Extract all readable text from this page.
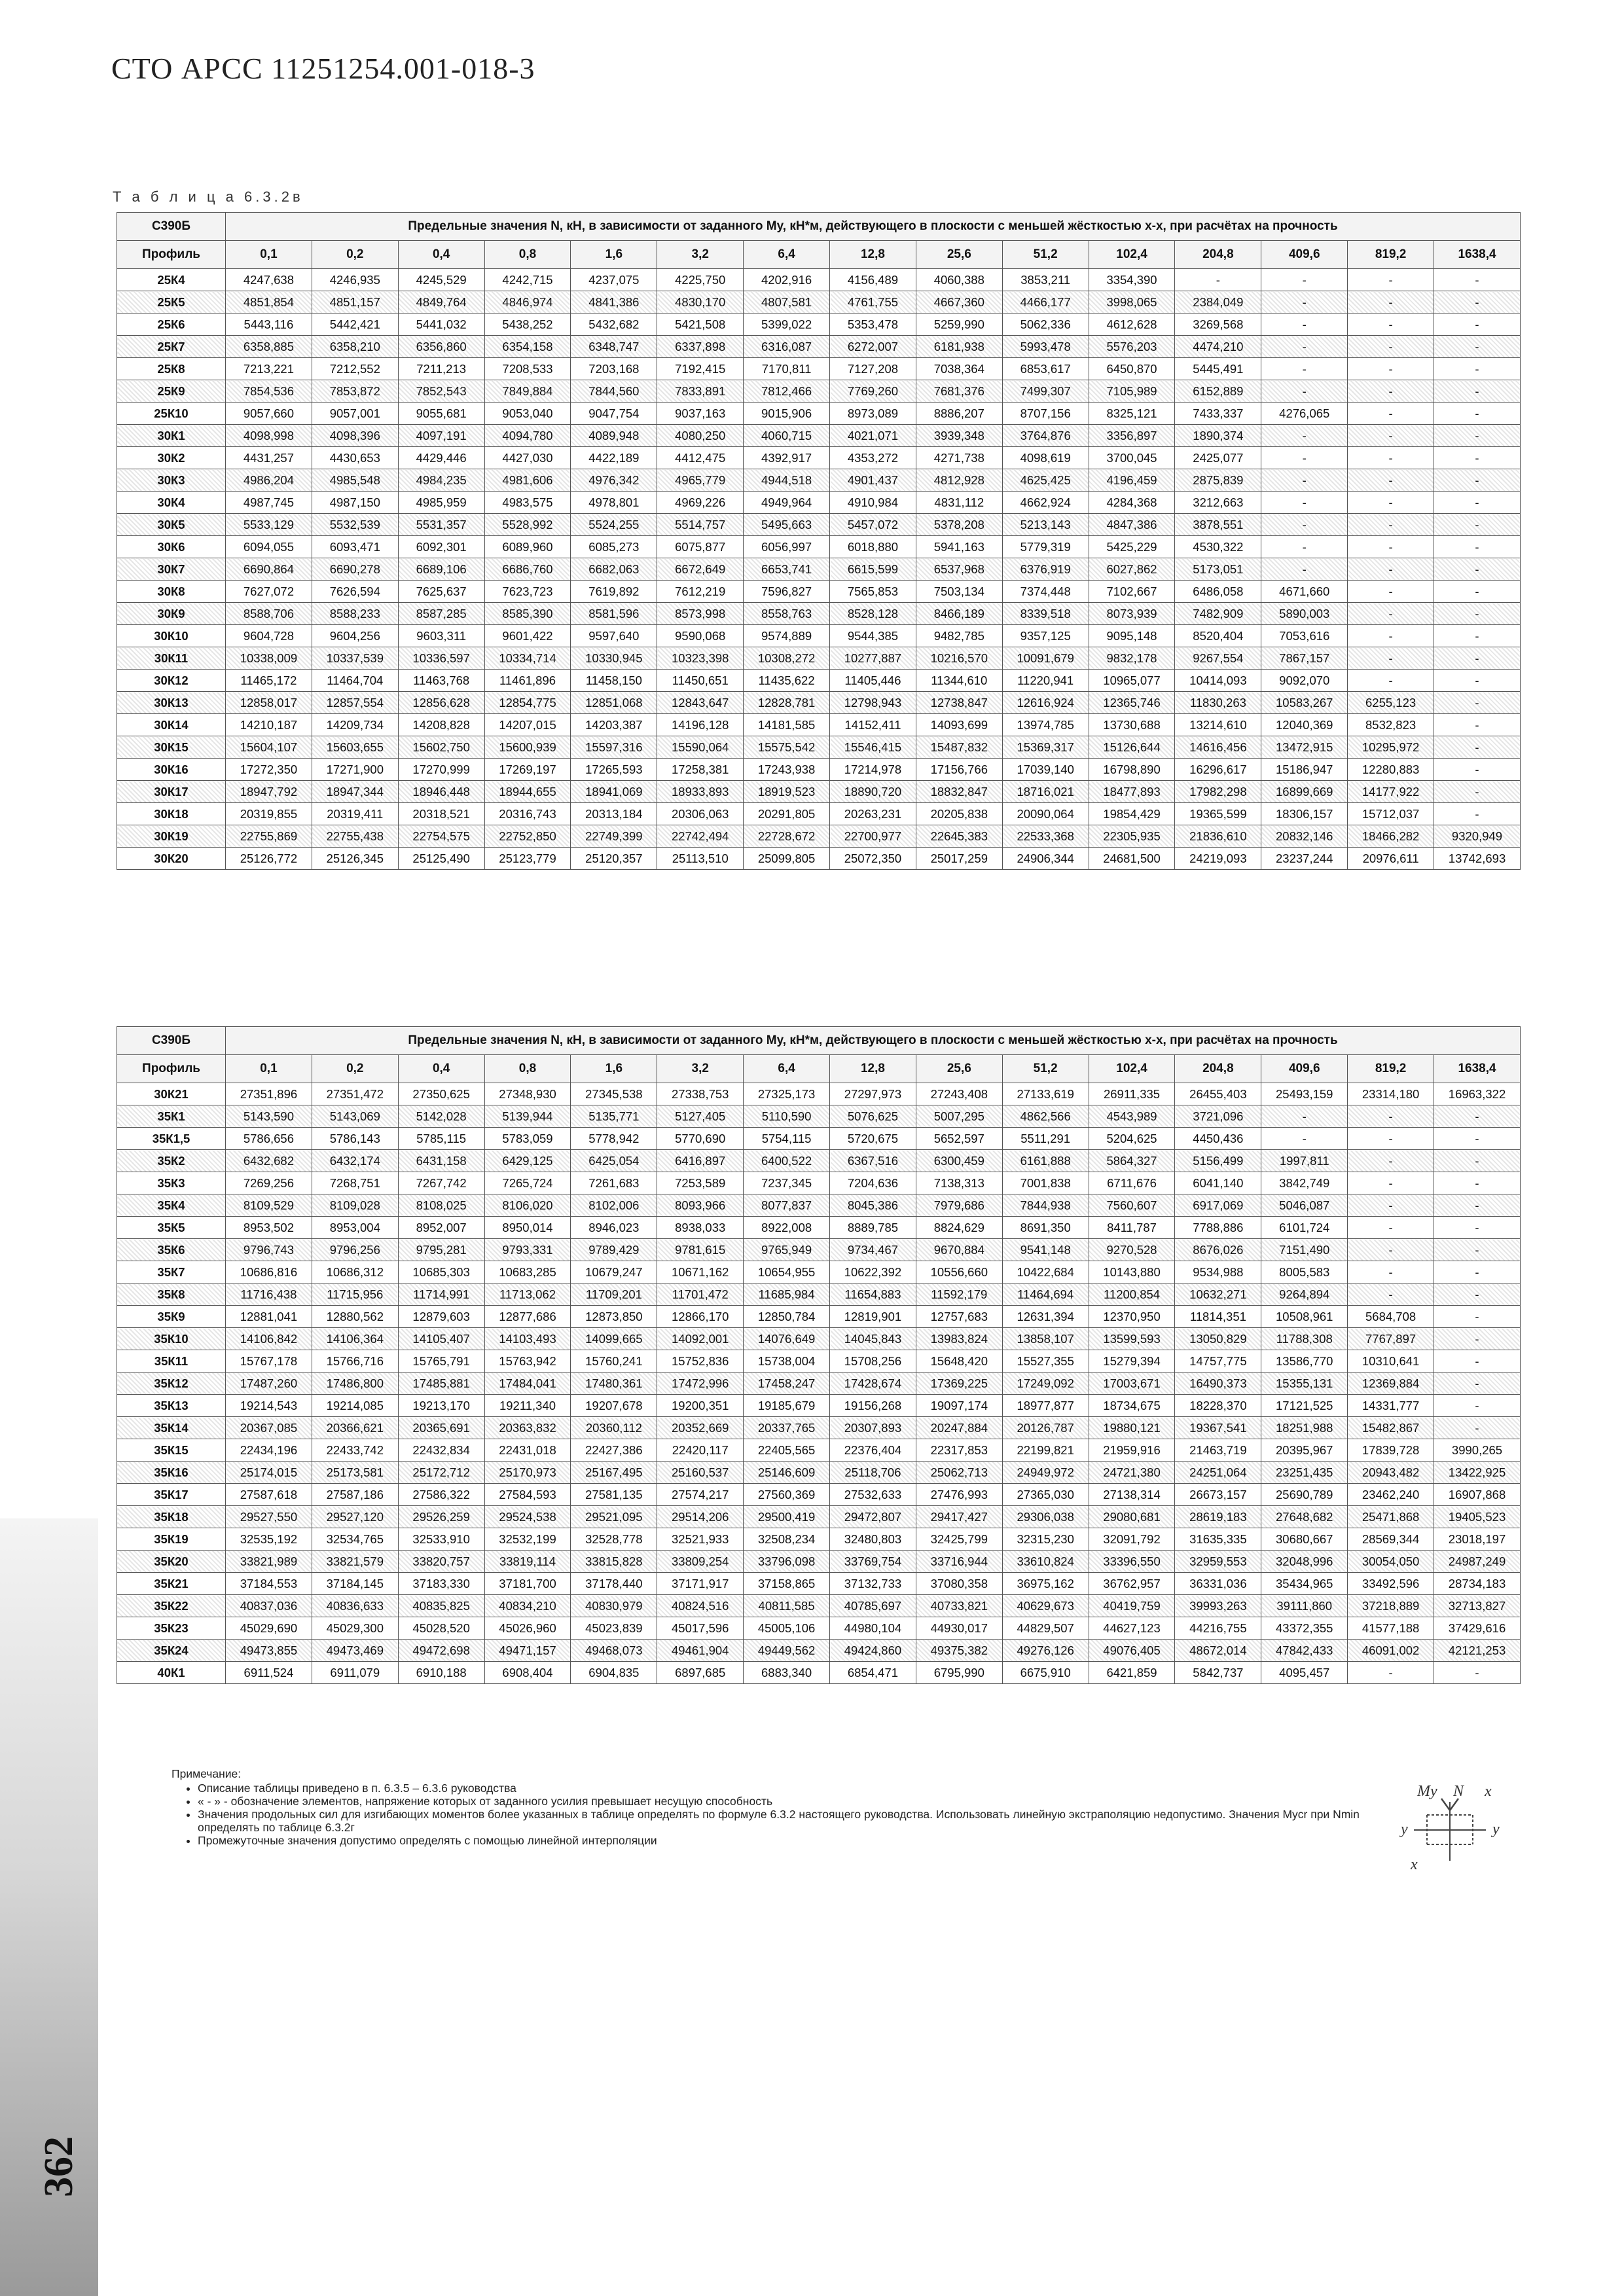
СТО АРСС 11251254.001-018-3
Т а б л и ц а 6.3.2в
С390Б	Предельные значения N, кН, в зависимости от заданного My, кН*м, действующего в плоскости с меньшей жёсткостью x-x, при расчётах на прочность														
Профиль	0,1	0,2	0,4	0,8	1,6	3,2	6,4	12,8	25,6	51,2	102,4	204,8	409,6	819,2	1638,4
25К4	4247,638	4246,935	4245,529	4242,715	4237,075	4225,750	4202,916	4156,489	4060,388	3853,211	3354,390	-	-	-	-
25К5	4851,854	4851,157	4849,764	4846,974	4841,386	4830,170	4807,581	4761,755	4667,360	4466,177	3998,065	2384,049	-	-	-
25К6	5443,116	5442,421	5441,032	5438,252	5432,682	5421,508	5399,022	5353,478	5259,990	5062,336	4612,628	3269,568	-	-	-
25К7	6358,885	6358,210	6356,860	6354,158	6348,747	6337,898	6316,087	6272,007	6181,938	5993,478	5576,203	4474,210	-	-	-
25К8	7213,221	7212,552	7211,213	7208,533	7203,168	7192,415	7170,811	7127,208	7038,364	6853,617	6450,870	5445,491	-	-	-
25К9	7854,536	7853,872	7852,543	7849,884	7844,560	7833,891	7812,466	7769,260	7681,376	7499,307	7105,989	6152,889	-	-	-
25К10	9057,660	9057,001	9055,681	9053,040	9047,754	9037,163	9015,906	8973,089	8886,207	8707,156	8325,121	7433,337	4276,065	-	-
30К1	4098,998	4098,396	4097,191	4094,780	4089,948	4080,250	4060,715	4021,071	3939,348	3764,876	3356,897	1890,374	-	-	-
30К2	4431,257	4430,653	4429,446	4427,030	4422,189	4412,475	4392,917	4353,272	4271,738	4098,619	3700,045	2425,077	-	-	-
30К3	4986,204	4985,548	4984,235	4981,606	4976,342	4965,779	4944,518	4901,437	4812,928	4625,425	4196,459	2875,839	-	-	-
30К4	4987,745	4987,150	4985,959	4983,575	4978,801	4969,226	4949,964	4910,984	4831,112	4662,924	4284,368	3212,663	-	-	-
30К5	5533,129	5532,539	5531,357	5528,992	5524,255	5514,757	5495,663	5457,072	5378,208	5213,143	4847,386	3878,551	-	-	-
30К6	6094,055	6093,471	6092,301	6089,960	6085,273	6075,877	6056,997	6018,880	5941,163	5779,319	5425,229	4530,322	-	-	-
30К7	6690,864	6690,278	6689,106	6686,760	6682,063	6672,649	6653,741	6615,599	6537,968	6376,919	6027,862	5173,051	-	-	-
30К8	7627,072	7626,594	7625,637	7623,723	7619,892	7612,219	7596,827	7565,853	7503,134	7374,448	7102,667	6486,058	4671,660	-	-
30К9	8588,706	8588,233	8587,285	8585,390	8581,596	8573,998	8558,763	8528,128	8466,189	8339,518	8073,939	7482,909	5890,003	-	-
30К10	9604,728	9604,256	9603,311	9601,422	9597,640	9590,068	9574,889	9544,385	9482,785	9357,125	9095,148	8520,404	7053,616	-	-
30К11	10338,009	10337,539	10336,597	10334,714	10330,945	10323,398	10308,272	10277,887	10216,570	10091,679	9832,178	9267,554	7867,157	-	-
30К12	11465,172	11464,704	11463,768	11461,896	11458,150	11450,651	11435,622	11405,446	11344,610	11220,941	10965,077	10414,093	9092,070	-	-
30К13	12858,017	12857,554	12856,628	12854,775	12851,068	12843,647	12828,781	12798,943	12738,847	12616,924	12365,746	11830,263	10583,267	6255,123	-
30К14	14210,187	14209,734	14208,828	14207,015	14203,387	14196,128	14181,585	14152,411	14093,699	13974,785	13730,688	13214,610	12040,369	8532,823	-
30К15	15604,107	15603,655	15602,750	15600,939	15597,316	15590,064	15575,542	15546,415	15487,832	15369,317	15126,644	14616,456	13472,915	10295,972	-
30К16	17272,350	17271,900	17270,999	17269,197	17265,593	17258,381	17243,938	17214,978	17156,766	17039,140	16798,890	16296,617	15186,947	12280,883	-
30К17	18947,792	18947,344	18946,448	18944,655	18941,069	18933,893	18919,523	18890,720	18832,847	18716,021	18477,893	17982,298	16899,669	14177,922	-
30К18	20319,855	20319,411	20318,521	20316,743	20313,184	20306,063	20291,805	20263,231	20205,838	20090,064	19854,429	19365,599	18306,157	15712,037	-
30К19	22755,869	22755,438	22754,575	22752,850	22749,399	22742,494	22728,672	22700,977	22645,383	22533,368	22305,935	21836,610	20832,146	18466,282	9320,949
30К20	25126,772	25126,345	25125,490	25123,779	25120,357	25113,510	25099,805	25072,350	25017,259	24906,344	24681,500	24219,093	23237,244	20976,611	13742,693
С390Б	Предельные значения N, кН, в зависимости от заданного My, кН*м, действующего в плоскости с меньшей жёсткостью x-x, при расчётах на прочность														
Профиль	0,1	0,2	0,4	0,8	1,6	3,2	6,4	12,8	25,6	51,2	102,4	204,8	409,6	819,2	1638,4
30К21	27351,896	27351,472	27350,625	27348,930	27345,538	27338,753	27325,173	27297,973	27243,408	27133,619	26911,335	26455,403	25493,159	23314,180	16963,322
35К1	5143,590	5143,069	5142,028	5139,944	5135,771	5127,405	5110,590	5076,625	5007,295	4862,566	4543,989	3721,096	-	-	-
35К1,5	5786,656	5786,143	5785,115	5783,059	5778,942	5770,690	5754,115	5720,675	5652,597	5511,291	5204,625	4450,436	-	-	-
35К2	6432,682	6432,174	6431,158	6429,125	6425,054	6416,897	6400,522	6367,516	6300,459	6161,888	5864,327	5156,499	1997,811	-	-
35К3	7269,256	7268,751	7267,742	7265,724	7261,683	7253,589	7237,345	7204,636	7138,313	7001,838	6711,676	6041,140	3842,749	-	-
35К4	8109,529	8109,028	8108,025	8106,020	8102,006	8093,966	8077,837	8045,386	7979,686	7844,938	7560,607	6917,069	5046,087	-	-
35К5	8953,502	8953,004	8952,007	8950,014	8946,023	8938,033	8922,008	8889,785	8824,629	8691,350	8411,787	7788,886	6101,724	-	-
35К6	9796,743	9796,256	9795,281	9793,331	9789,429	9781,615	9765,949	9734,467	9670,884	9541,148	9270,528	8676,026	7151,490	-	-
35К7	10686,816	10686,312	10685,303	10683,285	10679,247	10671,162	10654,955	10622,392	10556,660	10422,684	10143,880	9534,988	8005,583	-	-
35К8	11716,438	11715,956	11714,991	11713,062	11709,201	11701,472	11685,984	11654,883	11592,179	11464,694	11200,854	10632,271	9264,894	-	-
35К9	12881,041	12880,562	12879,603	12877,686	12873,850	12866,170	12850,784	12819,901	12757,683	12631,394	12370,950	11814,351	10508,961	5684,708	-
35К10	14106,842	14106,364	14105,407	14103,493	14099,665	14092,001	14076,649	14045,843	13983,824	13858,107	13599,593	13050,829	11788,308	7767,897	-
35К11	15767,178	15766,716	15765,791	15763,942	15760,241	15752,836	15738,004	15708,256	15648,420	15527,355	15279,394	14757,775	13586,770	10310,641	-
35К12	17487,260	17486,800	17485,881	17484,041	17480,361	17472,996	17458,247	17428,674	17369,225	17249,092	17003,671	16490,373	15355,131	12369,884	-
35К13	19214,543	19214,085	19213,170	19211,340	19207,678	19200,351	19185,679	19156,268	19097,174	18977,877	18734,675	18228,370	17121,525	14331,777	-
35К14	20367,085	20366,621	20365,691	20363,832	20360,112	20352,669	20337,765	20307,893	20247,884	20126,787	19880,121	19367,541	18251,988	15482,867	-
35К15	22434,196	22433,742	22432,834	22431,018	22427,386	22420,117	22405,565	22376,404	22317,853	22199,821	21959,916	21463,719	20395,967	17839,728	3990,265
35К16	25174,015	25173,581	25172,712	25170,973	25167,495	25160,537	25146,609	25118,706	25062,713	24949,972	24721,380	24251,064	23251,435	20943,482	13422,925
35К17	27587,618	27587,186	27586,322	27584,593	27581,135	27574,217	27560,369	27532,633	27476,993	27365,030	27138,314	26673,157	25690,789	23462,240	16907,868
35К18	29527,550	29527,120	29526,259	29524,538	29521,095	29514,206	29500,419	29472,807	29417,427	29306,038	29080,681	28619,183	27648,682	25471,868	19405,523
35К19	32535,192	32534,765	32533,910	32532,199	32528,778	32521,933	32508,234	32480,803	32425,799	32315,230	32091,792	31635,335	30680,667	28569,344	23018,197
35К20	33821,989	33821,579	33820,757	33819,114	33815,828	33809,254	33796,098	33769,754	33716,944	33610,824	33396,550	32959,553	32048,996	30054,050	24987,249
35К21	37184,553	37184,145	37183,330	37181,700	37178,440	37171,917	37158,865	37132,733	37080,358	36975,162	36762,957	36331,036	35434,965	33492,596	28734,183
35К22	40837,036	40836,633	40835,825	40834,210	40830,979	40824,516	40811,585	40785,697	40733,821	40629,673	40419,759	39993,263	39111,860	37218,889	32713,827
35К23	45029,690	45029,300	45028,520	45026,960	45023,839	45017,596	45005,106	44980,104	44930,017	44829,507	44627,123	44216,755	43372,355	41577,188	37429,616
35К24	49473,855	49473,469	49472,698	49471,157	49468,073	49461,904	49449,562	49424,860	49375,382	49276,126	49076,405	48672,014	47842,433	46091,002	42121,253
40К1	6911,524	6911,079	6910,188	6908,404	6904,835	6897,685	6883,340	6854,471	6795,990	6675,910	6421,859	5842,737	4095,457	-	-
Примечание:
• Описание таблицы приведено в п. 6.3.5 – 6.3.6 руководства
• « - » - обозначение элементов, напряжение которых от заданного усилия превышает несущую способность
• Значения продольных сил для изгибающих моментов более указанных в таблице определять по формуле 6.3.2 настоящего руководства. Использовать линейную экстраполяцию недопустимо. Значения Mycr при Nmin определять по таблице 6.3.2г
• Промежуточные значения допустимо определять с помощью линейной интерполяции
My N x
y	y
x
362
